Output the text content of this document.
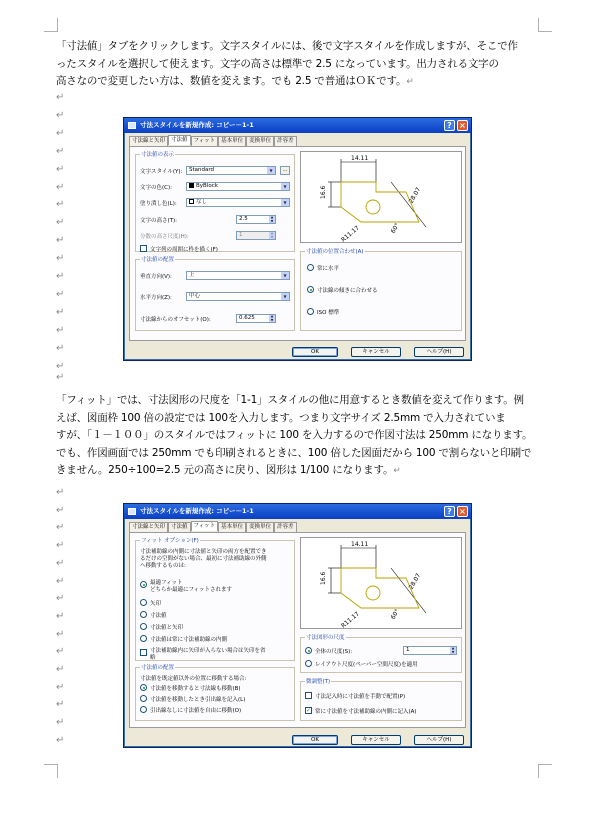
「寸法値」タブをクリックします。文字スタイルには、後で文字スタイルを作成しますが、そこで作
ったスタイルを選択して使えます。文字の高さは標準で 2.5 になっています。出力される文字の
高さなので変更したい方は、数値を変えます。でも 2.5 で普通はＯＫです。↵
↵
↵
↵
↵
↵
↵
↵
↵
↵
↵
↵
↵
↵
↵
↵
↵
「フィット」では、寸法図形の尺度を「1-1」スタイルの他に用意するとき数値を変えて作ります。例
えば、図面枠 100 倍の設定では 100を入力します。つまり文字サイズ 2.5mm で入力されていま
すが、「１－１００」のスタイルではフィットに 100 を入力するので作図寸法は 250mm になります。
でも、作図画面では 250mm でも印刷されるときに、100 倍した図面だから 100 で割らないと印刷で
きません。250÷100=2.5 元の高さに戻り、図形は 1/100 になります。↵
寸法スタイルを新規作成: コピー－1-1	? ×
寸法線と矢印 寸法値 フィット 基本単位 変換単位 許容差
寸法値の表示
文字スタイル(Y):	Standard	▼	…
文字の色(C):	ByBlock	▼
塗り潰し色(L):	なし	▼
文字の高さ(T):	2.5	▲
▼
分数の高さ尺度(H):	1	▲
▼
文字列の周囲に枠を描く(F)
寸法値の配置
垂直方向(V):	上	▼
水平方向(Z):	中心	▼
寸法線からのオフセット(O):	0.625	▲
▼
14.11
16.6	28.07
60°
R11.17
寸法値の位置合わせ(A)
常に水平
寸法線の傾きに合わせる
ISO 標準
OK	キャンセル	ヘルプ(H)
寸法スタイルを新規作成: コピー－1-1	? ×
寸法線と矢印 寸法値 フィット 基本単位 変換単位 許容差
フィット オプション(F)
寸法補助線の内側に寸法値と矢印の両方を配置できるだけの空間がない場合、最初に寸法補助線の外側へ移動するものは:
最適フィット
どちらか最適にフィットされます
矢印
寸法値
寸法値と矢印
寸法値は常に寸法補助線の内側
寸法補助線内に矢印が入らない場合は矢印を省略
寸法値の配置
寸法値を既定値以外の位置に移動する場合:
寸法値を移動すると寸法線も移動(B)
寸法値を移動したとき引出線を記入(L)
引出線なしに寸法値を自由に移動(O)
14.11
16.6	28.07
60°
R11.17
寸法図形の尺度
全体の尺度(S):	1	▲
▼
レイアウト尺度(ペーパー空間尺度)を適用
微調整(T)
寸法記入時に寸法値を手動で配置(P)
✓ 常に寸法値を寸法補助線の内側に記入(A)
OK	キャンセル	ヘルプ(H)
↵
↵
↵
↵
↵
↵
↵
↵
↵
↵
↵
↵
↵
↵
↵
↵
